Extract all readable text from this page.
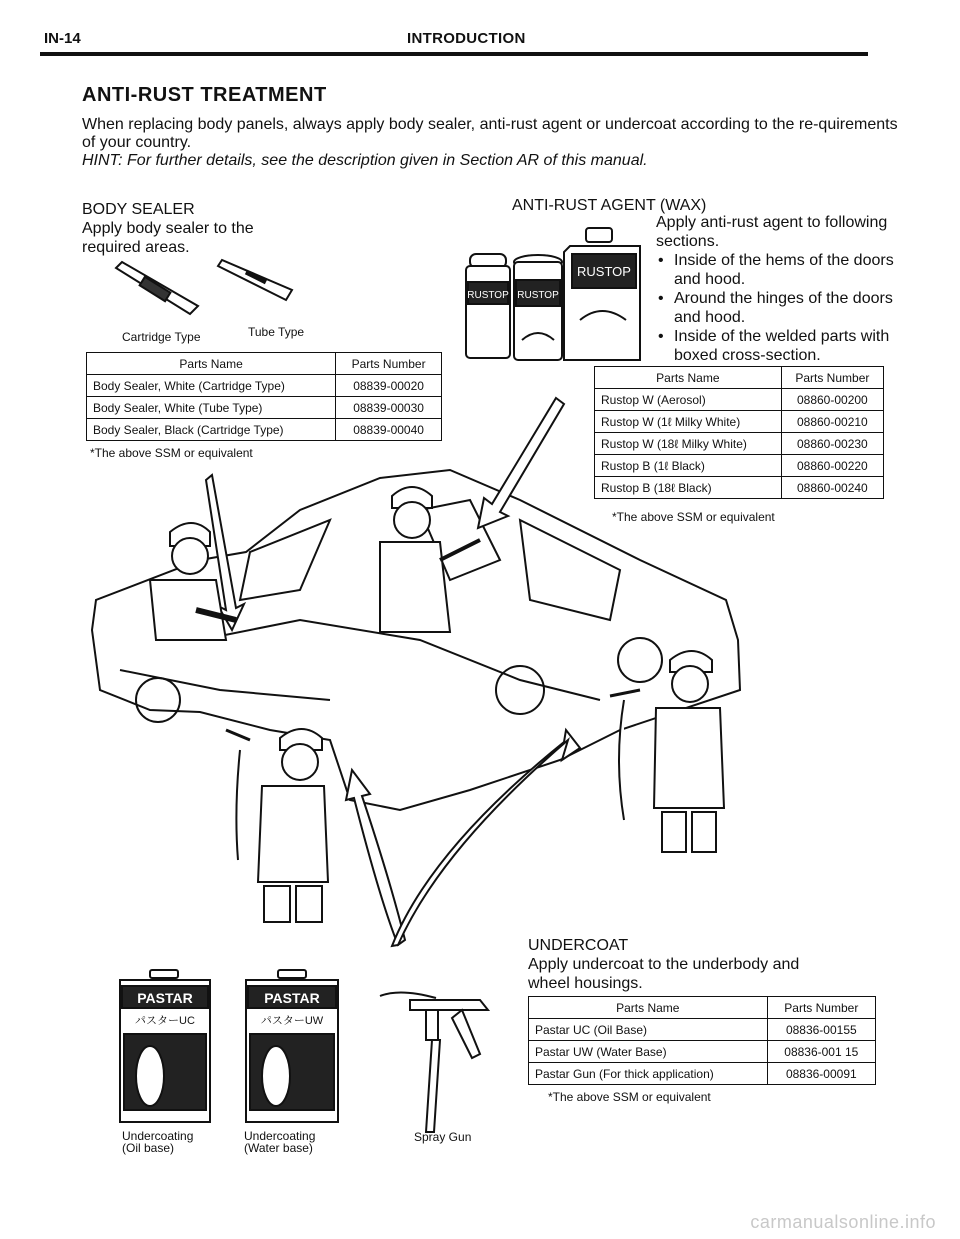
IN-14	INTRODUCTION
ANTI-RUST TREATMENT
When replacing body panels, always apply body sealer, anti-rust agent or undercoat according to the re-quirements of your country.
HINT: For further details, see the description given in Section AR of this manual.
RUSTOP RUSTOP
RUSTOP
PASTAR
パスターUC
PASTAR
パスターUW
BODY SEALER
Apply body sealer to the
required areas.
Cartridge Type	Tube Type
Parts Name	Parts Number
Body Sealer, White (Cartridge Type)	08839-00020
Body Sealer, White (Tube Type)	08839-00030
Body Sealer, Black (Cartridge Type)	08839-00040
*The above SSM or equivalent
ANTI-RUST AGENT (WAX)
Apply anti-rust agent to following
sections.
• Inside of the hems of the doors and hood.
• Around the hinges of the doors and hood.
• Inside of the welded parts with boxed cross-section.
Parts Name	Parts Number
Rustop W (Aerosol)	08860-00200
Rustop W (1ℓ Milky White)	08860-00210
Rustop W (18ℓ Milky White)	08860-00230
Rustop B (1ℓ Black)	08860-00220
Rustop B (18ℓ Black)	08860-00240
*The above SSM or equivalent
UNDERCOAT
Apply undercoat to the underbody and
wheel housings.
Parts Name	Parts Number
Pastar UC (Oil Base)	08836-00155
Pastar UW (Water Base)	08836-001 15
Pastar Gun (For thick application)	08836-00091
*The above SSM or equivalent
Undercoating
(Oil base)
Undercoating
(Water base)
Spray Gun
carmanualsonline.info
